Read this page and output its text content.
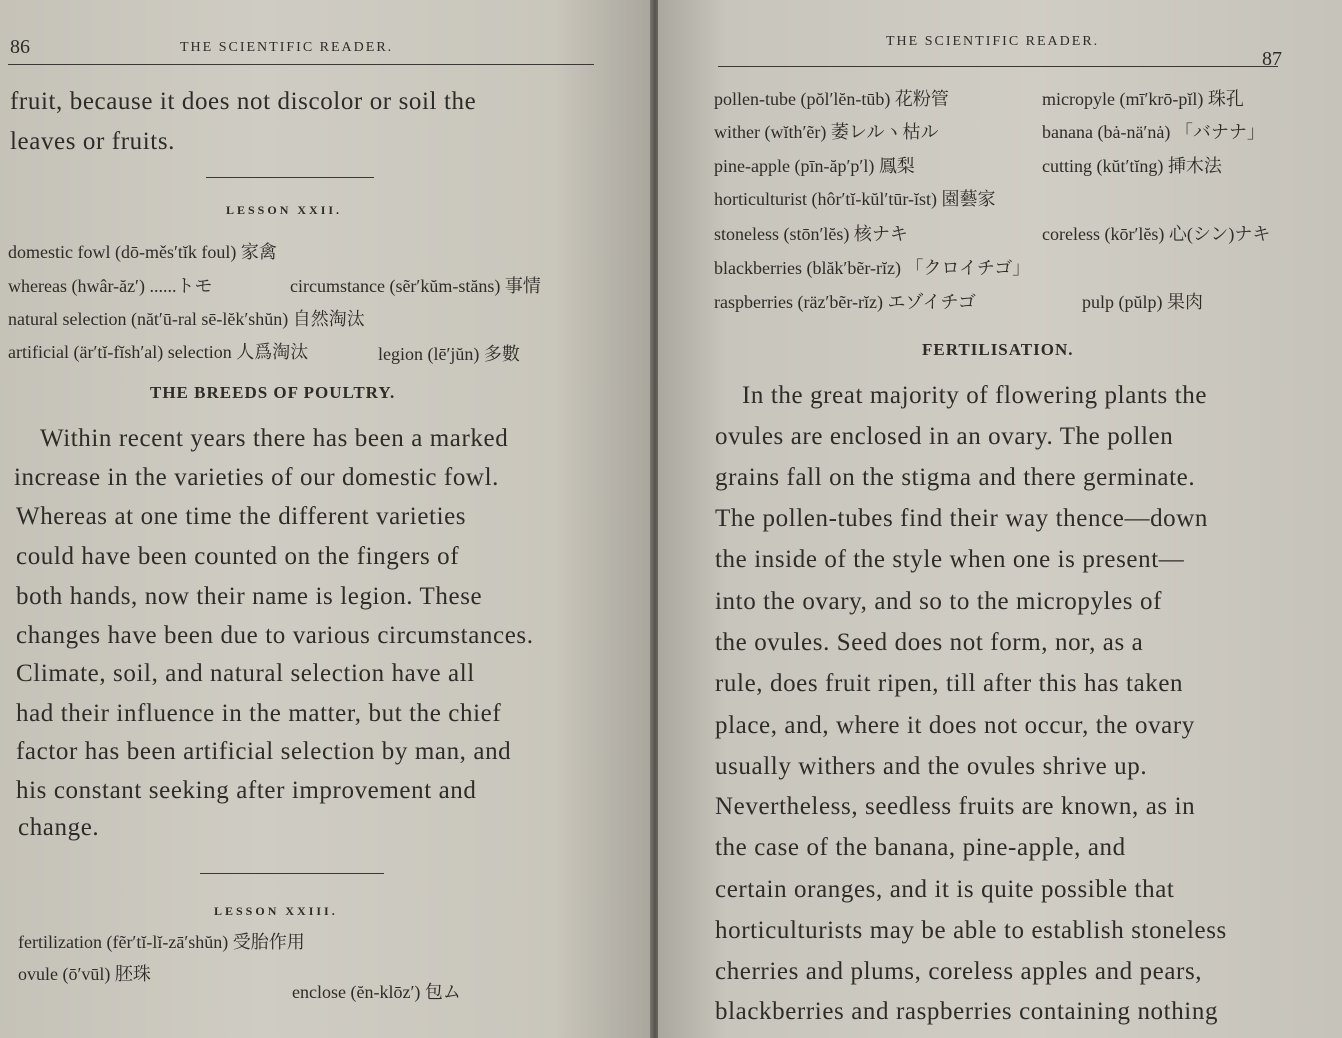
86	THE SCIENTIFIC READER.
fruit, because it does not discolor or soil the
leaves or fruits.
LESSON XXII.
domestic fowl (dō-měs′tĭk foul) 家禽
whereas (hwâr-ăz′) ......トモ	circumstance (sẽr′kŭm-stăns) 事情
natural selection (năt′ū-ral sē-lĕk′shŭn) 自然淘汰
artificial (är′tĭ-fĭsh′al) selection 人爲淘汰	legion (lē′jŭn) 多數
THE BREEDS OF POULTRY.
Within recent years there has been a marked
increase in the varieties of our domestic fowl.
Whereas at one time the different varieties
could have been counted on the fingers of
both hands, now their name is legion. These
changes have been due to various circumstances.
Climate, soil, and natural selection have all
had their influence in the matter, but the chief
factor has been artificial selection by man, and
his constant seeking after improvement and
change.
LESSON XXIII.
fertilization (fẽr′tĭ-lĭ-zā′shŭn) 受胎作用
ovule (ō′vūl) 胚珠
enclose (ĕn-klōz′) 包ム
THE SCIENTIFIC READER.
87
pollen-tube (pŏl′lĕn-tūb) 花粉管	micropyle (mī′krō-pĭl) 珠孔
wither (wĭth′ẽr) 萎レルヽ枯ル	banana (bȧ-nä′nȧ) 「バナナ」
pine-apple (pīn-ăp′p′l) 鳳梨	cutting (kŭt′tĭng) 挿木法
horticulturist (hôr′tĭ-kŭl′tūr-ĭst) 園藝家
stoneless (stōn′lĕs) 核ナキ	coreless (kōr′lĕs) 心(シン)ナキ
blackberries (blăk′bẽr-rĭz) 「クロイチゴ」
raspberries (räz′bẽr-rĭz) エゾイチゴ	pulp (pŭlp) 果肉
FERTILISATION.
In the great majority of flowering plants the
ovules are enclosed in an ovary. The pollen
grains fall on the stigma and there germinate.
The pollen-tubes find their way thence—down
the inside of the style when one is present—
into the ovary, and so to the micropyles of
the ovules. Seed does not form, nor, as a
rule, does fruit ripen, till after this has taken
place, and, where it does not occur, the ovary
usually withers and the ovules shrive up.
Nevertheless, seedless fruits are known, as in
the case of the banana, pine-apple, and
certain oranges, and it is quite possible that
horticulturists may be able to establish stoneless
cherries and plums, coreless apples and pears,
blackberries and raspberries containing nothing
